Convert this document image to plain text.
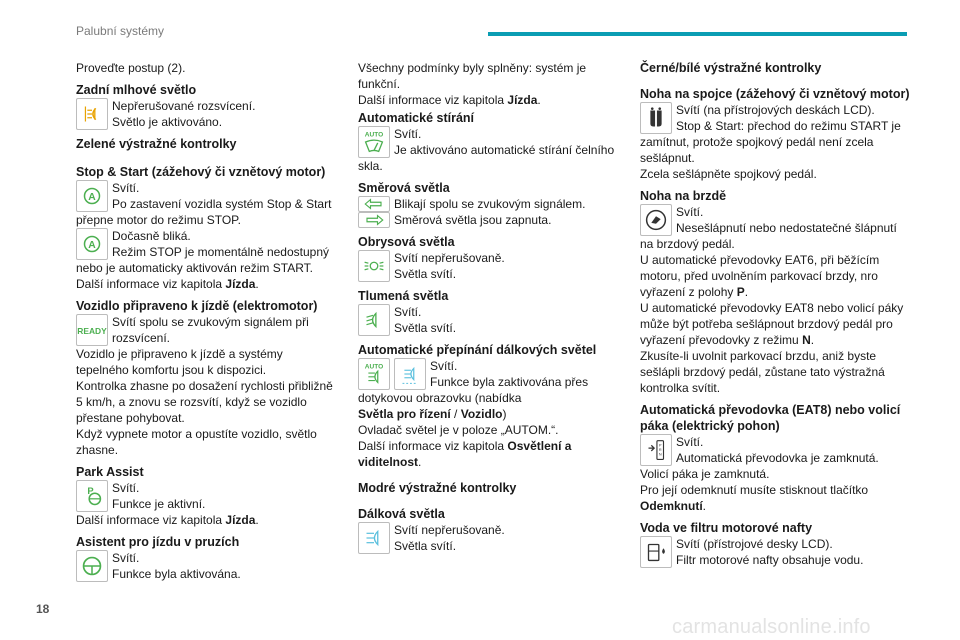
Palubní systémy

Proveďte postup (2).

Zadní mlhové světlo

Nepřerušované rozsvícení.

Světlo je aktivováno.

Zelené výstražné kontrolky

Stop & Start (zážehový či vznětový motor)

A

Svítí.

Po zastavení vozidla systém Stop & Start přepne motor do režimu STOP.

A

Dočasně bliká.

Režim STOP je momentálně nedostupný nebo je automaticky aktivován režim START.

Další informace viz kapitola Jízda.

Vozidlo připraveno k jízdě (elektromotor)

READY

Svítí spolu se zvukovým signálem při rozsvícení.

Vozidlo je připraveno k jízdě a systémy tepelného komfortu jsou k dispozici.

Kontrolka zhasne po dosažení rychlosti přibližně 5 km/h, a znovu se rozsvítí, když se vozidlo přestane pohybovat.

Když vypnete motor a opustíte vozidlo, světlo zhasne.

Park Assist

P	Svítí.

Funkce je aktivní.

Další informace viz kapitola Jízda.

Asistent pro jízdu v pruzích

Svítí.

Funkce byla aktivována.

Všechny podmínky byly splněny: systém je funkční.

Další informace viz kapitola Jízda.

Automatické stírání

AUTO Svítí.

Je aktivováno automatické stírání čelního skla.

Směrová světla

Blikají spolu se zvukovým signálem.

Směrová světla jsou zapnuta.

Obrysová světla

Svítí nepřerušovaně.

Světla svítí.

Tlumená světla

Svítí.

Světla svítí.

Automatické přepínání dálkových světel

AUTO	Svítí.

Funkce byla zaktivována přes dotykovou obrazovku (nabídka

Světla pro řízení / Vozidlo)

Ovladač světel je v poloze „AUTOM.“.

Další informace viz kapitola Osvětlení a viditelnost.

Modré výstražné kontrolky

Dálková světla

Svítí nepřerušovaně.

Světla svítí.

Černé/bílé výstražné kontrolky

Noha na spojce (zážehový či vznětový motor)

Svítí (na přístrojových deskách LCD).

Stop & Start: přechod do režimu START je zamítnut, protože spojkový pedál není zcela sešlápnut.

Zcela sešlápněte spojkový pedál.

Noha na brzdě

Svítí.

Nesešlápnutí nebo nedostatečné šlápnutí na brzdový pedál.

U automatické převodovky EAT6, při běžícím motoru, před uvolněním parkovací brzdy, nro vyřazení z polohy P.

U automatické převodovky EAT8 nebo volicí páky může být potřeba sešlápnout brzdový pedál pro vyřazení převodovky z režimu N.

Zkusíte-li uvolnit parkovací brzdu, aniž byste sešlápli brzdový pedál, zůstane tato výstražná kontrolka svítit.

Automatická převodovka (EAT8) nebo volicí páka (elektrický pohon)

P
R
N

Svítí.

Automatická převodovka je zamknutá.

Volicí páka je zamknutá.

Pro její odemknutí musíte stisknout tlačítko Odemknutí.

Voda ve filtru motorové nafty

Svítí (přístrojové desky LCD).

Filtr motorové nafty obsahuje vodu.

18
carmanualsonline.info
